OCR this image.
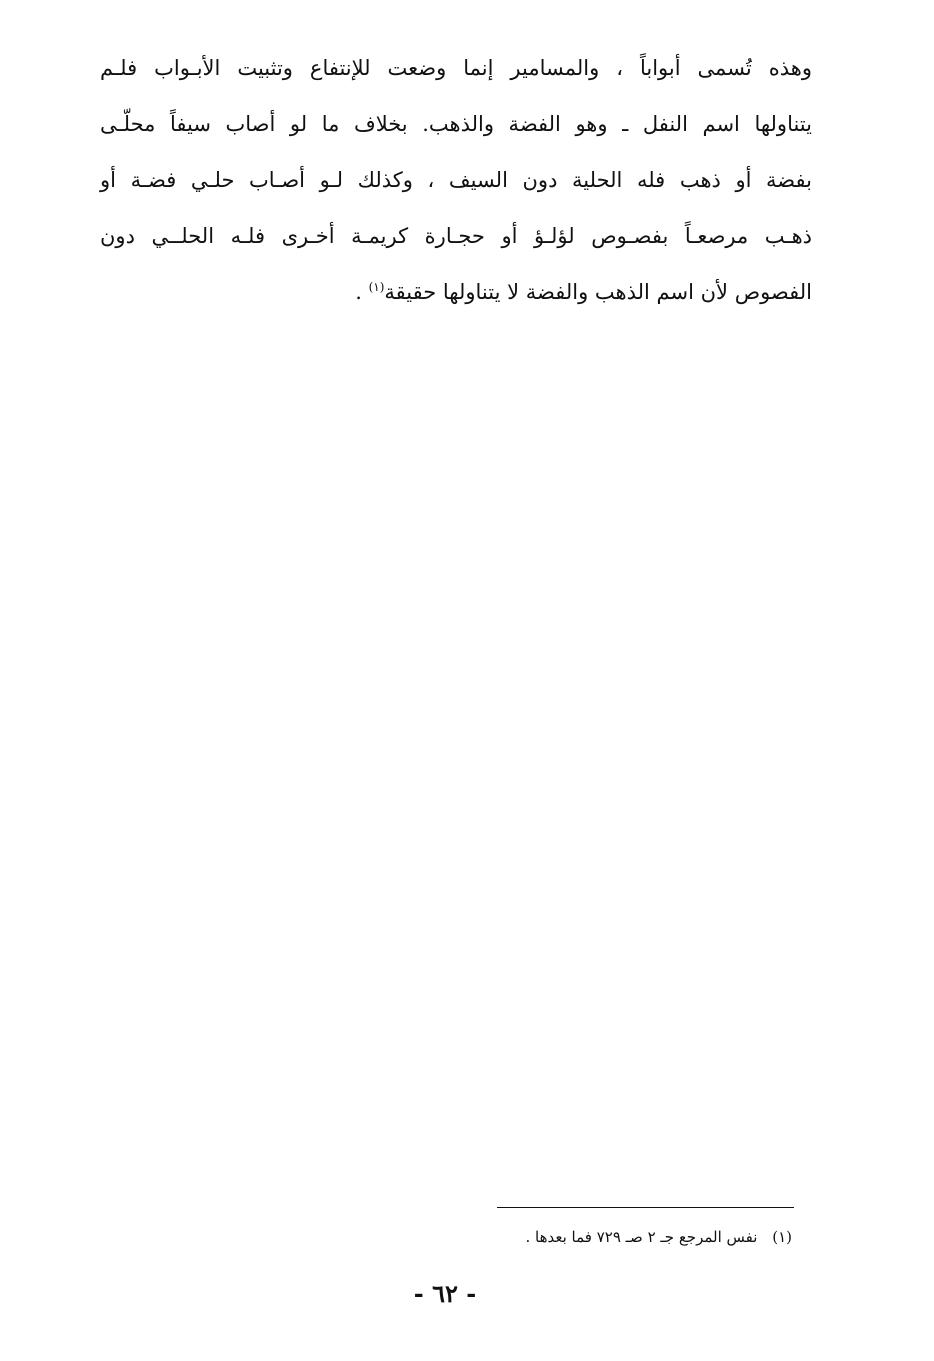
وهذه تُسمى أبواباً ، والمسامير إنما وضعت للإنتفاع وتثبيت الأبـواب فلـم
يتناولها اسم النفل ـ وهو الفضة والذهب. بخلاف ما لو أصاب سيفاً محلّـى
بفضة أو ذهب فله الحلية دون السيف ، وكذلك لـو أصـاب حلـي فضـة أو
ذهـب مرصعـاً بفصـوص لؤلـؤ أو حجـارة كريمـة أخـرى فلـه الحلــي دون
الفصوص لأن اسم الذهب والفضة لا يتناولها حقيقة$^{(١)}$ .
(١) نفس المرجع جـ ٢ صـ ٧٢٩ فما بعدها .
- ٦٢ -
